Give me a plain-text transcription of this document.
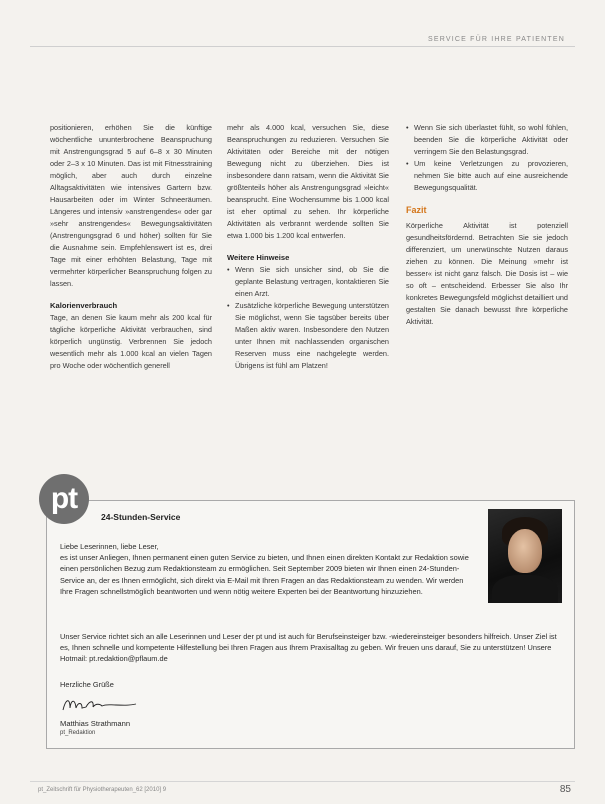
SERVICE FÜR IHRE PATIENTEN

positionieren, erhöhen Sie die künftige wöchentliche ununterbrochene Beanspruchung mit Anstrengungsgrad 5 auf 6–8 x 30 Minuten oder 2–3 x 10 Minuten. Das ist mit Fitnesstraining möglich, aber auch durch einzelne Alltagsaktivitäten wie intensives Gartern bzw. Hausarbeiten oder im Winter Schneeräumen. Längeres und intensiv »anstrengendes« oder gar »sehr anstrengendes« Bewegungsaktivitäten (Anstrengungsgrad 6 und höher) sollten für Sie die Ausnahme sein. Empfehlenswert ist es, drei Tage mit einer erhöhten Belastung, Tage mit vermehrter körperlicher Beanspruchung folgen zu lassen.

Kalorienverbrauch

Tage, an denen Sie kaum mehr als 200 kcal für tägliche körperliche Aktivität verbrauchen, sind körperlich ungünstig. Verbrennen Sie jedoch wesentlich mehr als 1.000 kcal an vielen Tagen pro Woche oder wöchentlich generell

mehr als 4.000 kcal, versuchen Sie, diese Beanspruchungen zu reduzieren. Versuchen Sie Aktivitäten oder Bereiche mit der nötigen Bewegung nicht zu überziehen. Dies ist insbesondere dann ratsam, wenn die Aktivität Sie größtenteils höher als Anstrengungsgrad »leicht« beansprucht. Eine Wochensumme bis 1.000 kcal ist eher optimal zu sehen. Ihr körperliche Aktivitäten als verbrannt werdende sollten Sie etwa 1.000 bis 1.200 kcal entwerfen.

Weitere Hinweise
• Wenn Sie sich unsicher sind, ob Sie die geplante Belastung vertragen, kontaktieren Sie einen Arzt.
• Zusätzliche körperliche Bewegung unterstützen Sie möglichst, wenn Sie tagsüber bereits über Maßen aktiv waren. Insbesondere den Nutzen unter Ihnen mit nachlassenden organischen Reserven muss eine nachgelegte werden. Übrigens ist fühl am Platzen!
• Wenn Sie sich überlastet fühlt, so wohl fühlen, beenden Sie die körperliche Aktivität oder verringern Sie den Belastungsgrad.
• Um keine Verletzungen zu provozieren, nehmen Sie bitte auch auf eine ausreichende Bewegungsqualität.
Fazit

Körperliche Aktivität ist potenziell gesundheitsfördernd. Betrachten Sie sie jedoch differenziert, um unerwünschte Nutzen daraus ziehen zu können. Die Meinung »mehr ist besser« ist nicht ganz falsch. Die Dosis ist – wie so oft – entscheidend. Erbesser Sie also Ihr konkretes Bewegungsfeld möglichst detailliert und gestalten Sie danach bewusst Ihre körperliche Aktivität.

pt
24-Stunden-Service

Liebe Leserinnen, liebe Leser,

es ist unser Anliegen, Ihnen permanent einen guten Service zu bieten, und Ihnen einen direkten Kontakt zur Redaktion sowie einen persönlichen Bezug zum Redaktionsteam zu ermöglichen. Seit September 2009 bieten wir Ihnen einen 24-Stunden-Service an, der es Ihnen ermöglicht, sich direkt via E-Mail mit Ihren Fragen an das Redaktionsteam zu wenden. Wir werden Ihre Fragen schnellstmöglich beantworten und wenn nötig weitere Experten bei der Beantwortung hinzuziehen.

Unser Service richtet sich an alle Leserinnen und Leser der pt und ist auch für Berufseinsteiger bzw. -wiedereinsteiger besonders hilfreich. Unser Ziel ist es, Ihnen schnelle und kompetente Hilfestellung bei Ihren Fragen aus Ihrem Praxisalltag zu geben. Wir freuen uns darauf, Sie zu unterstützen! Unsere Hotmail: pt.redaktion@pflaum.de

Herzliche Grüße
Matthias Strathmann
pt_Redaktion
pt_Zeitschrift für Physiotherapeuten_62 [2010] 9	85
